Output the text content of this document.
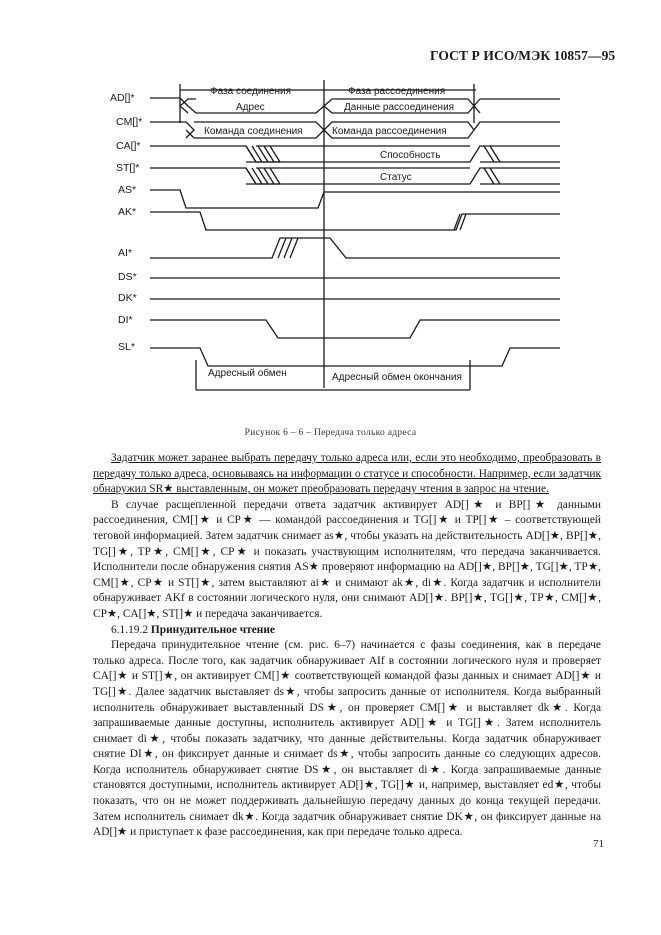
ГОСТ Р ИСО/МЭК 10857—95
AD[]*
CM[]*
CA[]*
ST[]*
AS*
AK*
AI*
DS*
DK*
DI*
SL*
Фаза соединения	Фаза рассоединения
Адрес	Данные рассоединения
Команда соединения	Команда рассоединения
Способность
Статус
Адресный обмен	Адресный обмен окончания
Рисунок 6 – 6 – Передача только адреса

Задатчик может заранее выбрать передачу только адреса или, если это необходимо, преобразовать в передачу только адреса, основываясь на информации о статусе и способности. Например, если задатчик обнаружил SR★ выставленным, он может преобразовать передачу чтения в запрос на чтение.

В случае расщепленной передачи ответа задатчик активирует AD[]★ и BP[]★ данными рассоединения, CM[]★ и CP★ — командой рассоединения и TG[]★ и TP[]★ – соответствующей теговой информацией. Затем задатчик снимает as★, чтобы указать на действительность AD[]★, BP[]★, TG[]★, TP★, CM[]★, CP★ и показать участвующим исполнителям, что передача заканчивается. Исполнители после обнаружения снятия AS★ проверяют информацию на AD[]★, BP[]★, TG[]★, TP★, CM[]★, CP★ и ST[]★, затем выставляют ai★ и снимают ak★, di★. Когда задатчик и исполнители обнаруживает AKf в состоянии логического нуля, они снимают AD[]★. BP[]★, TG[]★, TP★, CM[]★, CP★, CA[]★, ST[]★ и передача заканчивается.

6.1.19.2 Принудительное чтение

Передача принудительное чтение (см. рис. 6–7) начинается с фазы соединения, как в передаче только адреса. После того, как задатчик обнаруживает AIf в состоянии логического нуля и проверяет CA[]★ и ST[]★, он активирует CM[]★ соответствующей командой фазы данных и снимает AD[]★ и TG[]★. Далее задатчик выставляет ds★, чтобы запросить данные от исполнителя. Когда выбранный исполнитель обнаруживает выставленный DS★, он проверяет CM[]★ и выставляет dk★. Когда запрашиваемые данные доступны, исполнитель активирует AD[]★ и TG[]★. Затем исполнитель снимает di★, чтобы показать задатчику, что данные действительны. Когда задатчик обнаруживает снятие DI★, он фиксирует данные и снимает ds★, чтобы запросить данные со следующих адресов. Когда исполнитель обнаруживает снятие DS★, он выставляет di★. Когда запрашиваемые данные становятся доступными, исполнитель активирует AD[]★, TG[]★ и, например, выставляет ed★, чтобы показать, что он не может поддерживать дальнейшую передачу данных до конца текущей передачи. Затем исполнитель снимает dk★. Когда задатчик обнаруживает снятие DK★, он фиксирует данные на AD[]★ и приступает к фазе рассоединения, как при передаче только адреса.

71
